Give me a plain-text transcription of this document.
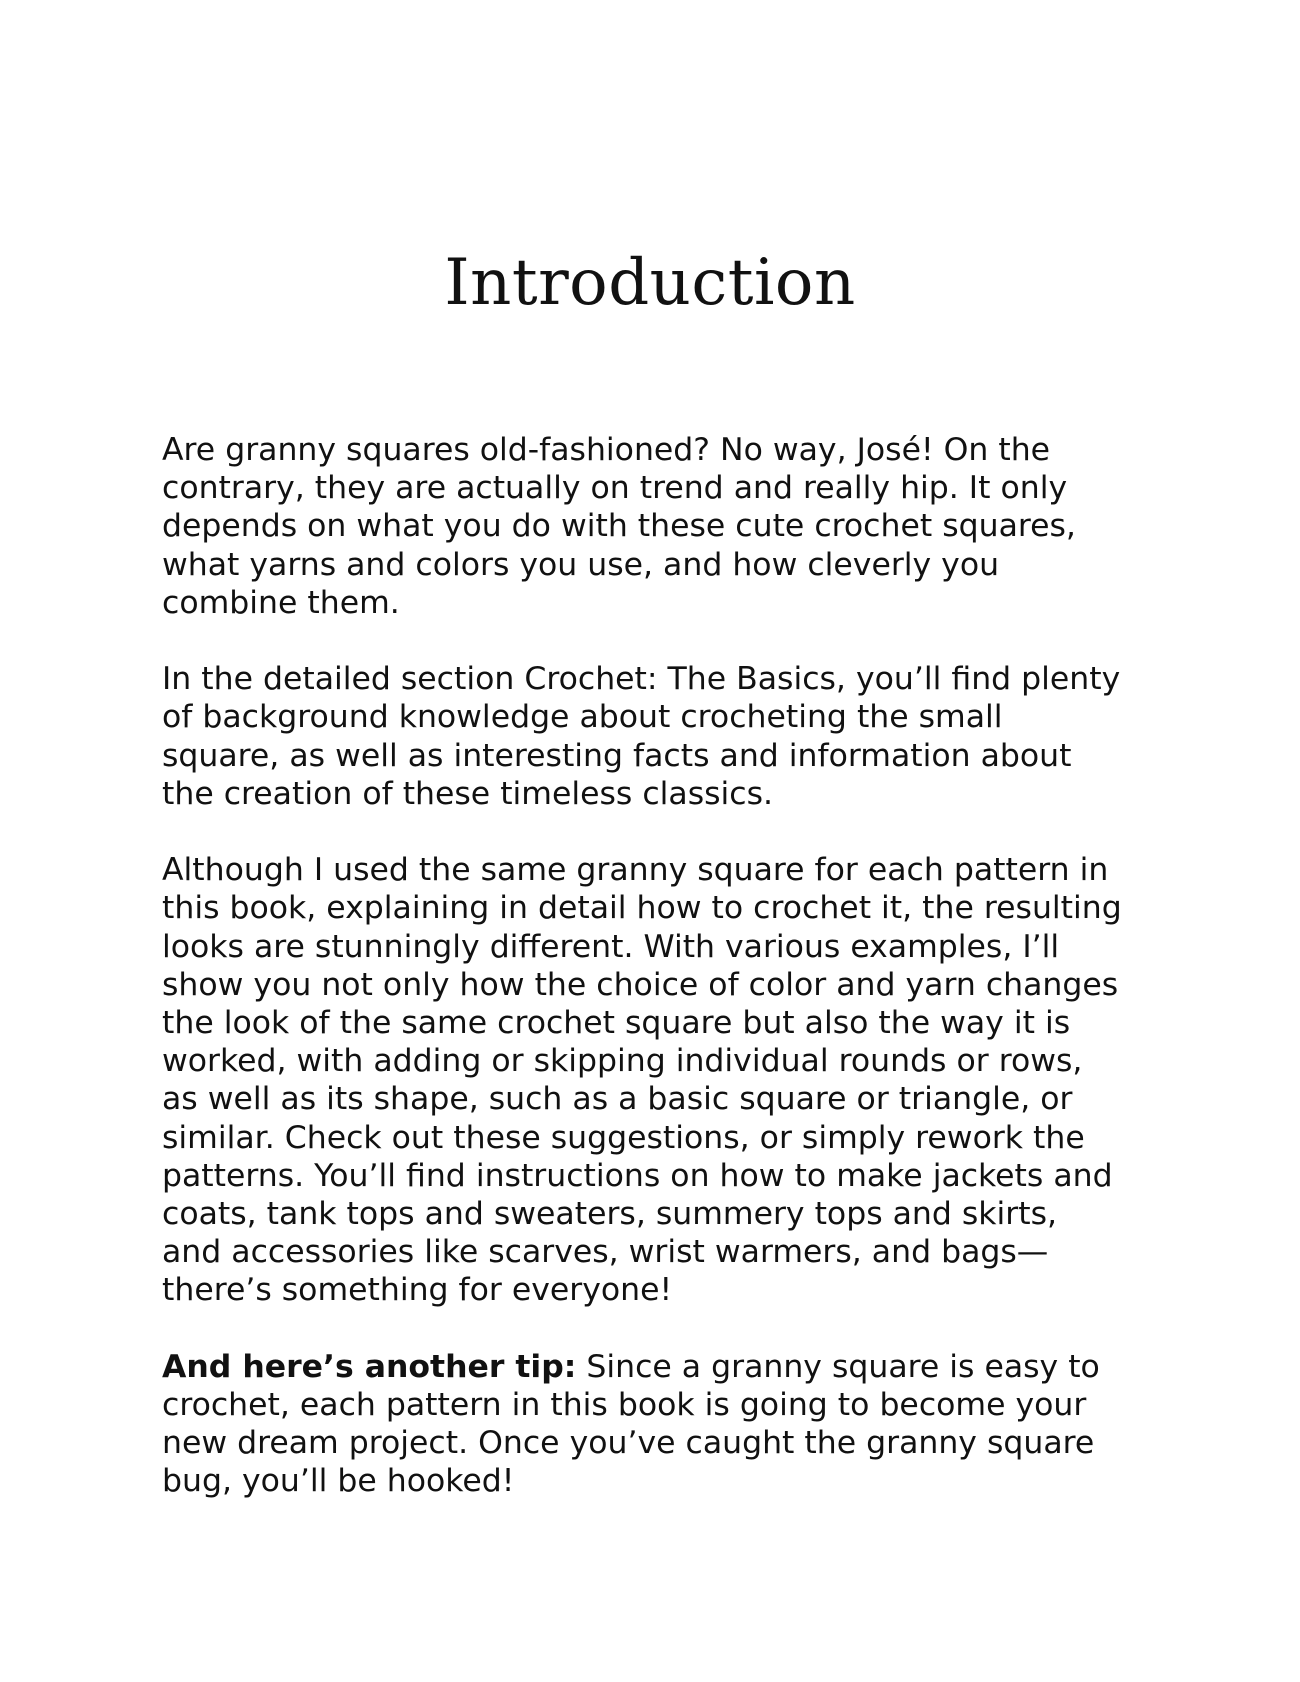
Introduction

Are granny squares old-fashioned? No way, José! On the
contrary, they are actually on trend and really hip. It only
depends on what you do with these cute crochet squares,
what yarns and colors you use, and how cleverly you
combine them.

In the detailed section Crochet: The Basics, you’ll find plenty
of background knowledge about crocheting the small
square, as well as interesting facts and information about
the creation of these timeless classics.

Although I used the same granny square for each pattern in
this book, explaining in detail how to crochet it, the resulting
looks are stunningly different. With various examples, I’ll
show you not only how the choice of color and yarn changes
the look of the same crochet square but also the way it is
worked, with adding or skipping individual rounds or rows,
as well as its shape, such as a basic square or triangle, or
similar. Check out these suggestions, or simply rework the
patterns. You’ll find instructions on how to make jackets and
coats, tank tops and sweaters, summery tops and skirts,
and accessories like scarves, wrist warmers, and bags—
there’s something for everyone!

And here’s another tip: Since a granny square is easy to
crochet, each pattern in this book is going to become your
new dream project. Once you’ve caught the granny square
bug, you’ll be hooked!
